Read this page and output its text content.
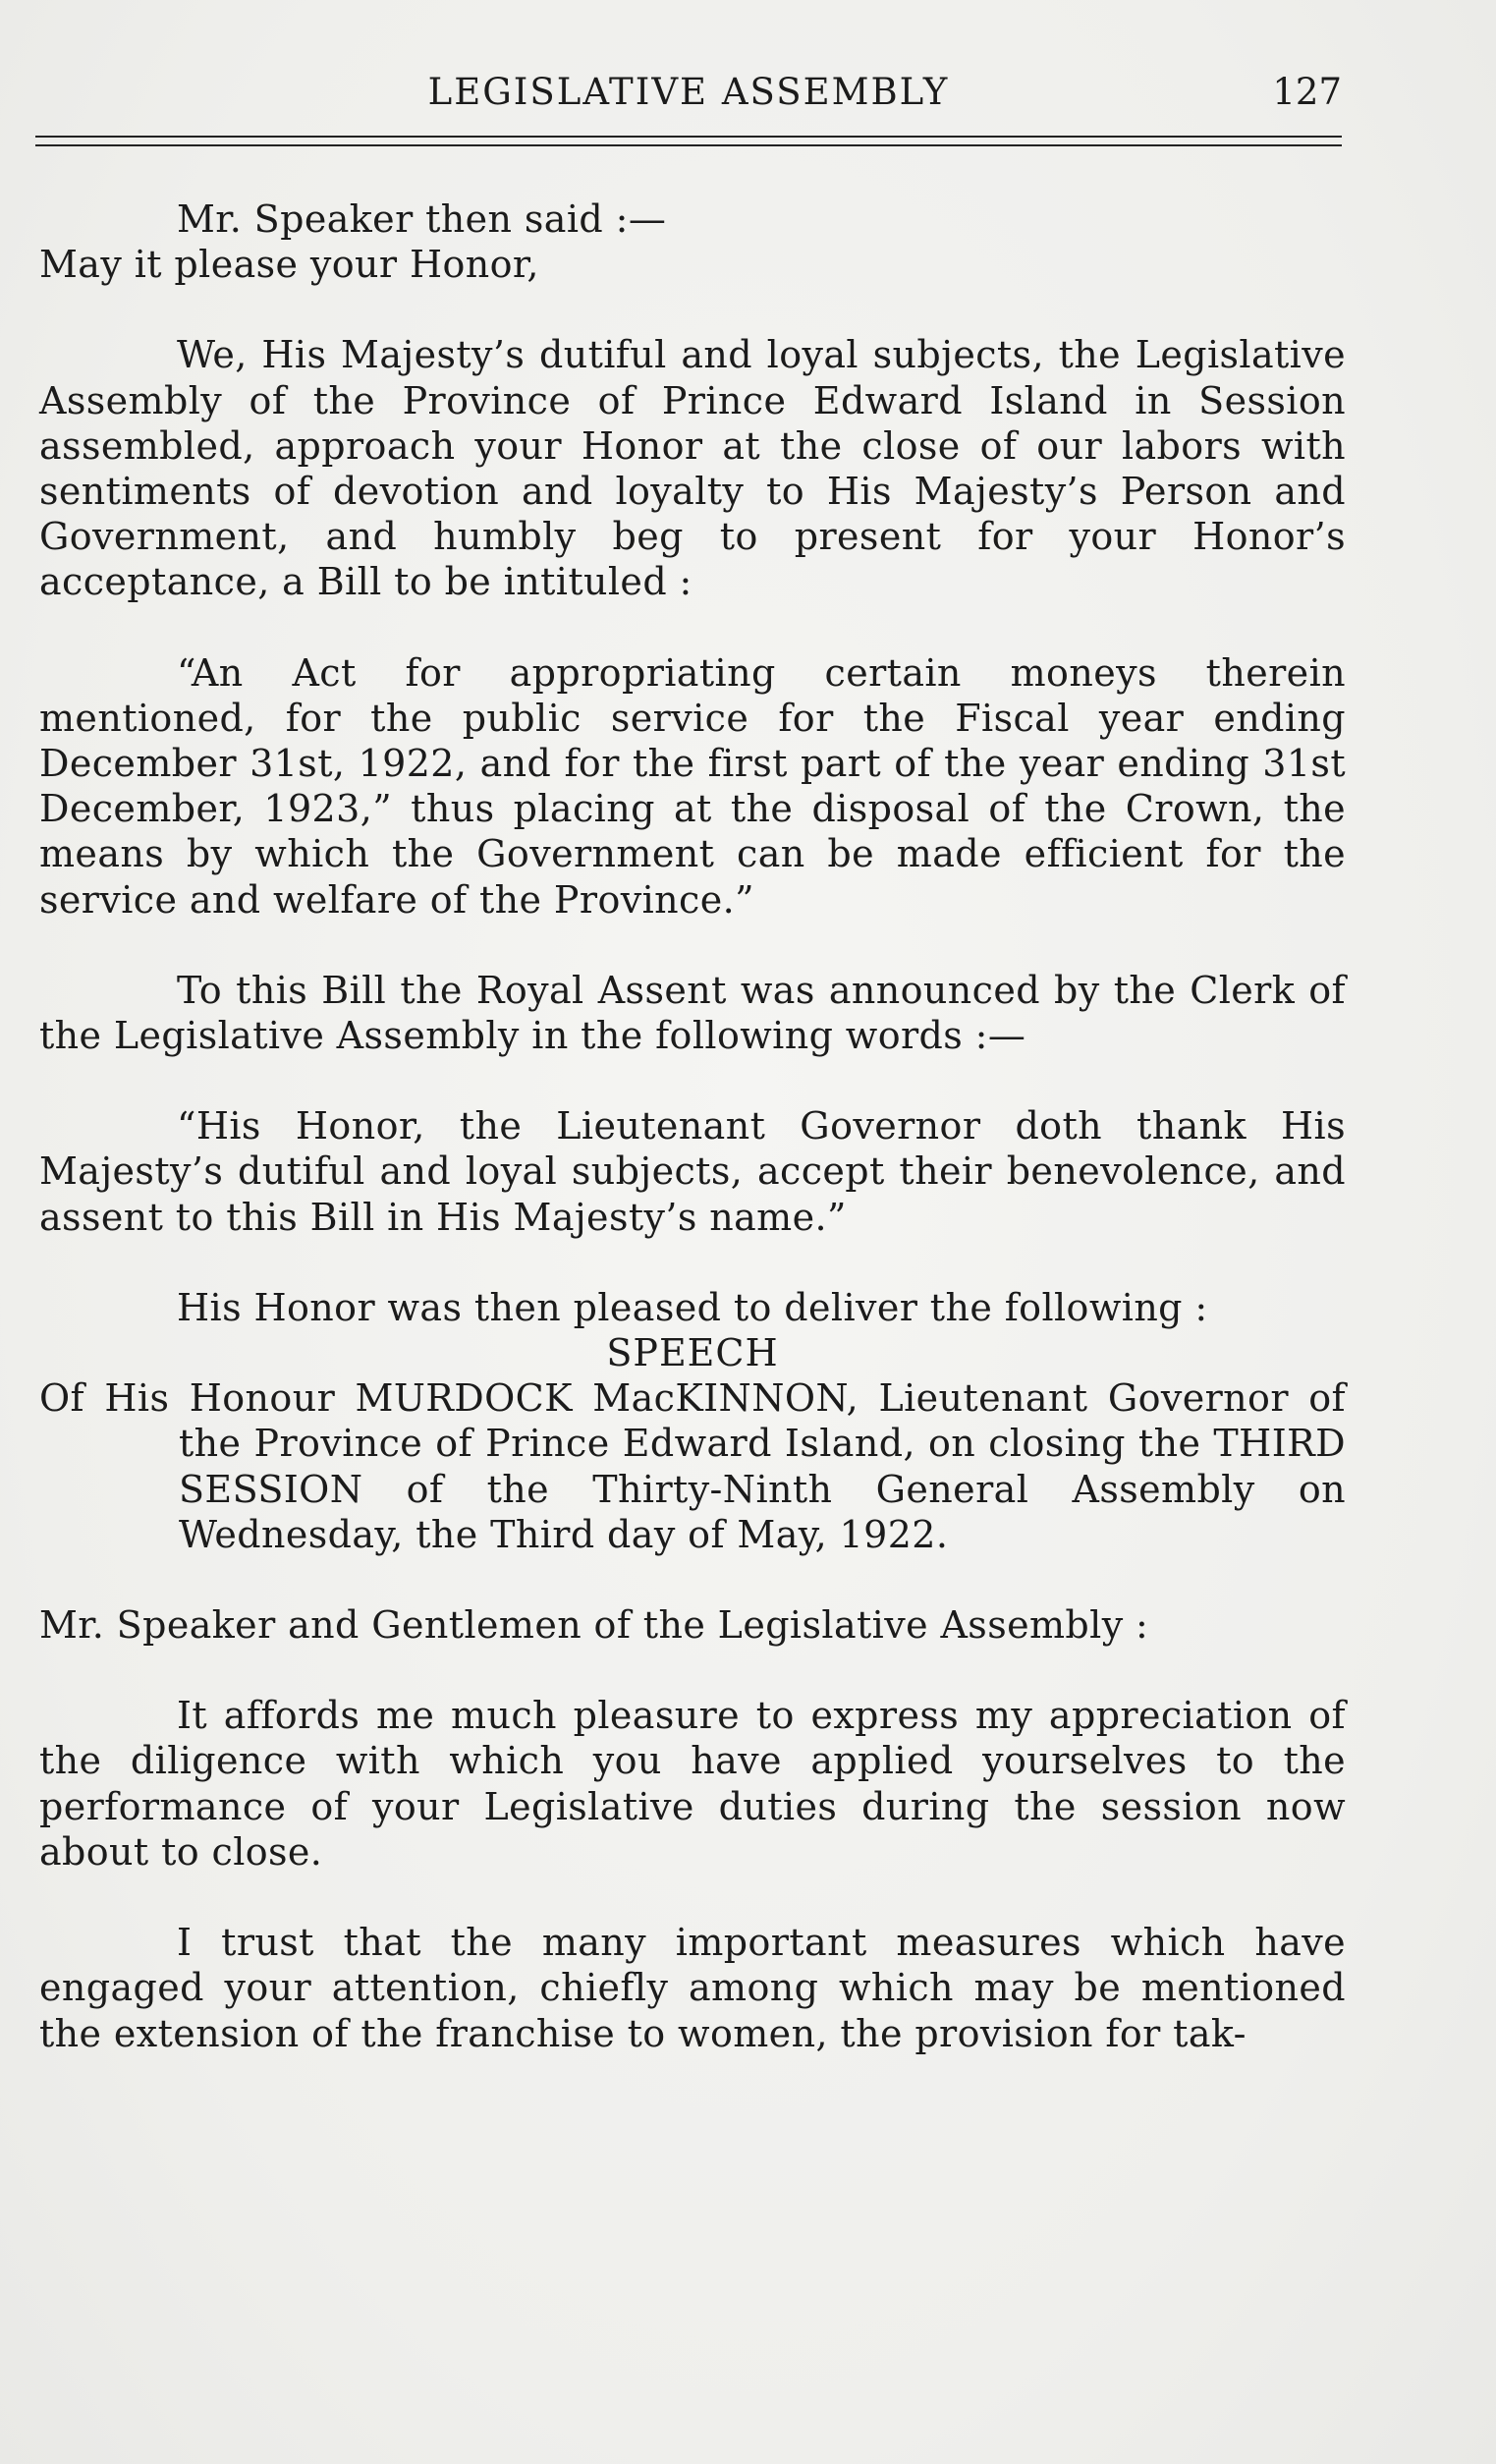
LEGISLATIVE ASSEMBLY	127

Mr. Speaker then said :—

May it please your Honor,

We, His Majesty’s dutiful and loyal subjects, the Legislative Assembly of the Province of Prince Edward Island in Session assembled, approach your Honor at the close of our labors with sentiments of devotion and loyalty to His Majesty’s Person and Government, and humbly beg to present for your Honor’s acceptance, a Bill to be intituled :

“An Act for appropriating certain moneys therein mentioned, for the public service for the Fiscal year ending December 31st, 1922, and for the first part of the year ending 31st December, 1923,” thus placing at the disposal of the Crown, the means by which the Government can be made efficient for the service and welfare of the Province.”

To this Bill the Royal Assent was announced by the Clerk of the Legislative Assembly in the following words :—

“His Honor, the Lieutenant Governor doth thank His Majesty’s dutiful and loyal subjects, accept their benevolence, and assent to this Bill in His Majesty’s name.”

His Honor was then pleased to deliver the following :

SPEECH

Of His Honour MURDOCK MacKINNON, Lieutenant Governor of the Province of Prince Edward Island, on closing the THIRD SESSION of the Thirty-Ninth General Assembly on Wednesday, the Third day of May, 1922.

Mr. Speaker and Gentlemen of the Legislative Assembly :

It affords me much pleasure to express my appreciation of the diligence with which you have applied yourselves to the performance of your Legislative duties during the session now about to close.

I trust that the many important measures which have engaged your attention, chiefly among which may be mentioned the extension of the franchise to women, the provision for tak-
